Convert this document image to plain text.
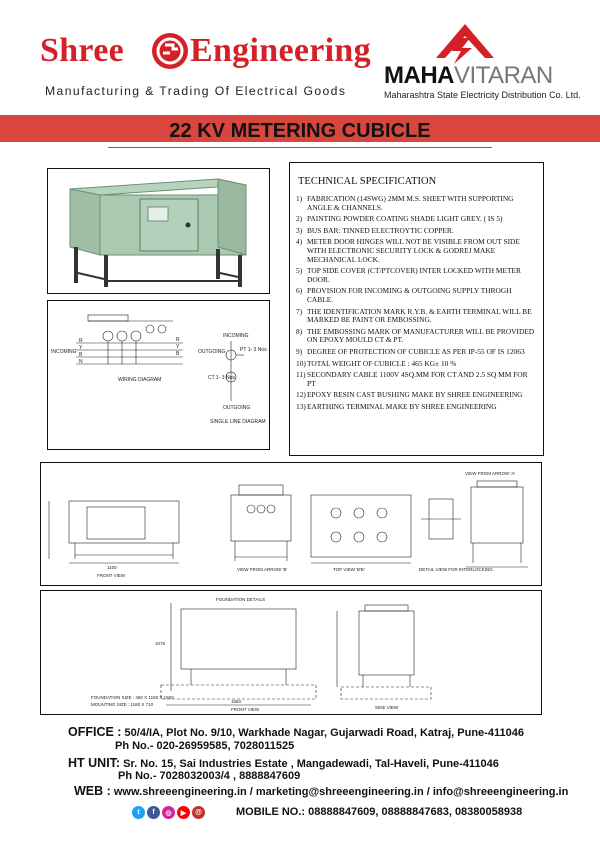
Shree Engineering
Manufacturing & Trading Of Electrical Goods
MAHAVITARAN
Maharashtra State Electricity Distribution Co. Ltd.
22 KV METERING CUBICLE
R
Y
B
R
Y
B
N
INCOMING
INCOMING
OUTGOING	PT 1- 3 Nos.
CT 1- 3 Nos.
OUTGOING
WIRING DIAGRAM
SINGLE LINE DIAGRAM
TECHNICAL SPECIFICATION
1) FABRICATION (14SWG) 2MM M.S. SHEET WITH SUPPORTING ANGLE & CHANNELS.
2) PAINTING POWDER COATING SHADE LIGHT GREY. ( IS 5)
3) BUS BAR: TINNED ELECTROYTIC COPPER.
4) METER DOOR HINGES WILL NOT BE VISIBLE FROM OUT SIDE WITH ELECTRONIC SECURITY LOCK & GODREJ MAKE MECHANICAL LOCK.
5) TOP SIDE COVER (CT/PTCOVER) INTER LOCKED WITH METER DOOR.
6) PROVISION FOR INCOMING & OUTGOING SUPPLY THROGH CABLE.
7) THE IDENTIFICATION MARK R.Y.B. & EARTH TERMINAL WILL BE MARKED BE PAINT OR EMBOSSING.
8) THE EMBOSSING MARK OF MANUFACTURER WILL BE PROVIDED ON EPOXY MOULD CT & PT.
9) DEGREE OF PROTECTION OF CUBICLE AS PER IP-55 OF IS 12063
10) TOTAL WEIGHT OF CUBICLE : 465 KG± 10 %
11) SECONDARY CABLE 1100V 4SQ.MM FOR CT AND 2.5 SQ MM FOR PT
12) EPOXY RESIN CAST BUSHING MAKE BY SHREE ENGINEERING
13) EARTHING TERMINAL MAKE BY SHREE ENGINEERING
1100
FRONT VIEW
VIEW FROM ARROW 'B'	TOP VIEW 'B'B'	DETAIL VIEW FOR INTERLOCKING
VIEW FROM ARROW 'A'
FOUNDATION DETAILS
1076
1550
FRONT VIEW	SIDE VIEW
FOUNDATION SIZE : 450 X 1150 X 1550
MOUNTING SIZE : 1160 X 710
OFFICE : 50/4/IA, Plot No. 9/10, Warkhade Nagar, Gujarwadi Road, Katraj, Pune-411046
Ph No.- 020-26959585, 7028011525
HT UNIT: Sr. No. 15, Sai Industries Estate , Mangadewadi, Tal-Haveli, Pune-411046
Ph No.- 7028032003/4 , 8888847609
WEB : www.shreeengineering.in / marketing@shreeengineering.in / info@shreeengineering.in
t	f	◎	▶	@	MOBILE NO.: 08888847609, 08888847683, 08380058938
